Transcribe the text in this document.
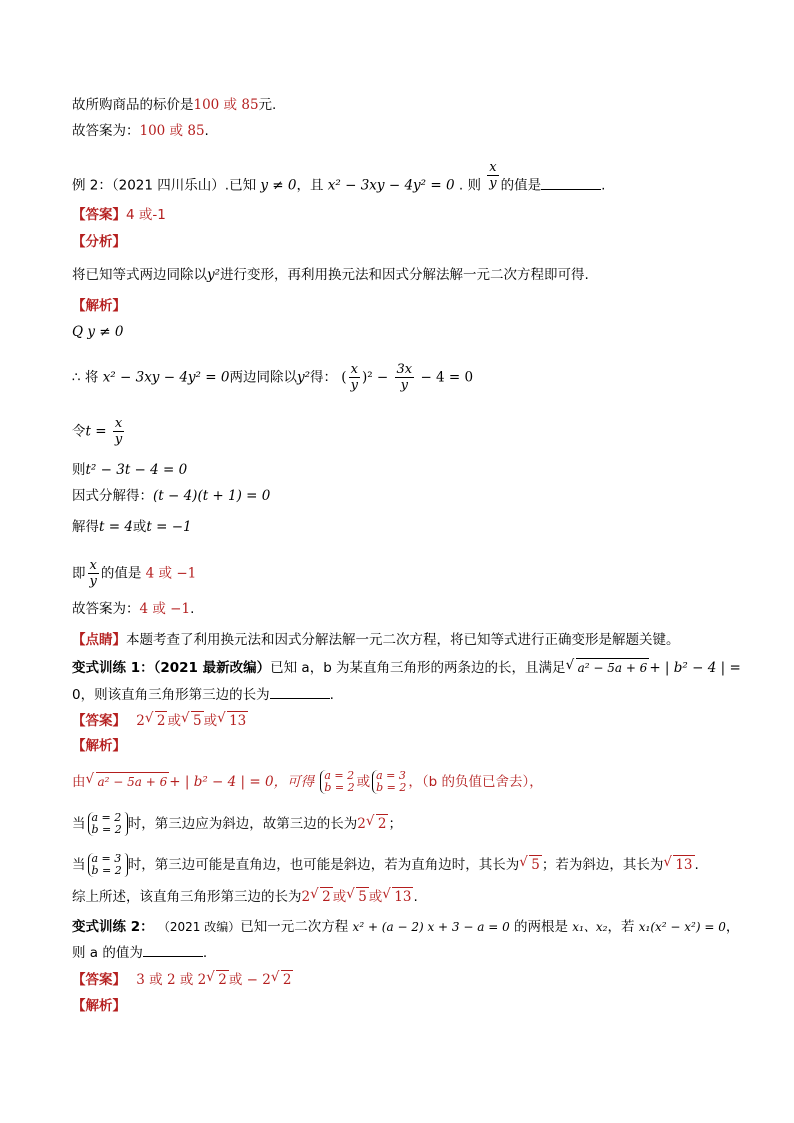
故所购商品的标价是100 或 85元.
故答案为：100 或 85.
例 2：（2021 四川乐山）.已知 y ≠ 0，且 x² − 3xy − 4y² = 0 . 则 $\frac{x}{y}$ 的值是	.
【答案】4 或-1
【分析】
将已知等式两边同除以y²进行变形，再利用换元法和因式分解法解一元二次方程即可得.
【解析】
Q y ≠ 0
∴ 将 x² − 3xy − 4y² = 0两边同除以y²得： ( $\frac{x}{y} )^2 - \frac{3x}{y} - 4 = 0$
令$t = \frac{x}{y}$
则t² − 3t − 4 = 0
因式分解得：(t − 4)(t + 1) = 0
解得t = 4或t = −1
即 $\frac{x}{y}$ 的值是 4 或 −1
故答案为：4 或 −1.
【点睛】本题考查了利用换元法和因式分解法解一元二次方程，将已知等式进行正确变形是解题关键。
变式训练 1：（2021 最新改编）已知 a，b 为某直角三角形的两条边的长，且满足 √ a² − 5a + 6 + | b² − 4 | =
0，则该直角三角形第三边的长为	.
【答案】 2 √ 2 或 √ 5 或 √ 13
【解析】
由 √ a² − 5a + 6 + | b² − 4 | = 0，可得 a = 2
b = 2 或 a = 3
b = 2 ，（b 的负值已舍去），
当 a = 2
b = 2 时，第三边应为斜边，故第三边的长为2 √ 2 ；
当 a = 3
b = 2 时，第三边可能是直角边，也可能是斜边，若为直角边时，其长为 √ 5 ；若为斜边，其长为 √ 13 .
综上所述，该直角三角形第三边的长为2 √ 2 或 √ 5 或 √ 13 .
变式训练 2： （2021 改编）已知一元二次方程 x² + (a − 2) x + 3 − a = 0 的两根是 x₁、x₂，若 x₁(x² − x²) = 0，
则 a 的值为	.
【答案】 3 或 2 或 2 √ 2 或 − 2 √ 2
【解析】
